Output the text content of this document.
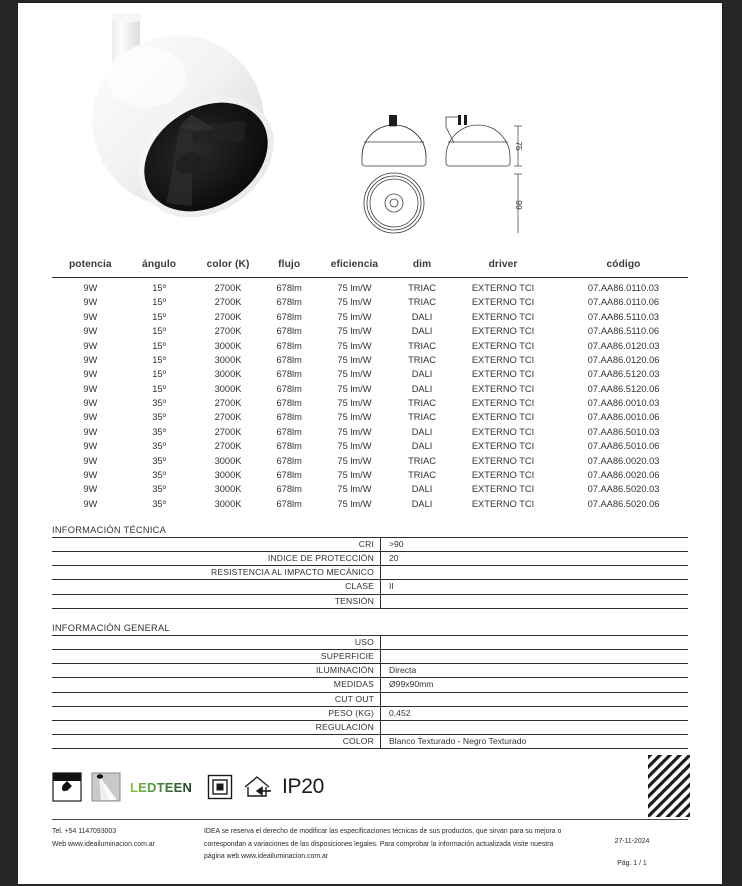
75
99
potencia	ángulo	color (K)	flujo	eficiencia	dim	driver	código
9W	15º	2700K	678lm	75 lm/W	TRIAC	EXTERNO TCI	07.AA86.0110.03
9W	15º	2700K	678lm	75 lm/W	TRIAC	EXTERNO TCI	07.AA86.0110.06
9W	15º	2700K	678lm	75 lm/W	DALI	EXTERNO TCI	07.AA86.5110.03
9W	15º	2700K	678lm	75 lm/W	DALI	EXTERNO TCI	07.AA86.5110.06
9W	15º	3000K	678lm	75 lm/W	TRIAC	EXTERNO TCI	07.AA86.0120.03
9W	15º	3000K	678lm	75 lm/W	TRIAC	EXTERNO TCI	07.AA86.0120.06
9W	15º	3000K	678lm	75 lm/W	DALI	EXTERNO TCI	07.AA86.5120.03
9W	15º	3000K	678lm	75 lm/W	DALI	EXTERNO TCI	07.AA86.5120.06
9W	35º	2700K	678lm	75 lm/W	TRIAC	EXTERNO TCI	07.AA86.0010.03
9W	35º	2700K	678lm	75 lm/W	TRIAC	EXTERNO TCI	07.AA86.0010.06
9W	35º	2700K	678lm	75 lm/W	DALI	EXTERNO TCI	07.AA86.5010.03
9W	35º	2700K	678lm	75 lm/W	DALI	EXTERNO TCI	07.AA86.5010.06
9W	35º	3000K	678lm	75 lm/W	TRIAC	EXTERNO TCI	07.AA86.0020.03
9W	35º	3000K	678lm	75 lm/W	TRIAC	EXTERNO TCI	07.AA86.0020.06
9W	35º	3000K	678lm	75 lm/W	DALI	EXTERNO TCI	07.AA86.5020.03
9W	35º	3000K	678lm	75 lm/W	DALI	EXTERNO TCI	07.AA86.5020.06
INFORMACIÓN TÉCNICA
CRI	>90
INDICE DE PROTECCIÓN	20
RESISTENCIA AL IMPACTO MECÁNICO	
CLASE	II
TENSIÓN	
INFORMACIÓN GENERAL
USO	
SUPERFICIE	
ILUMINACIÓN	Directa
MEDIDAS	Ø99x90mm
CUT OUT	
PESO (KG)	0,452
REGULACIÓN	
COLOR	Blanco Texturado - Negro Texturado
LEDTEEN	IP20
Tel. +54 1147093003
Web www.ideailuminacion.com.ar
IDEA se reserva el derecho de modificar las especificaciones técnicas de sus productos, que sirvan para su mejora o correspondan a variaciones de las disposiciones legales. Para comprobar la información actualizada visite nuestra página web www.ideailuminacion.com.ar
27-11-2024
Pág. 1 / 1
